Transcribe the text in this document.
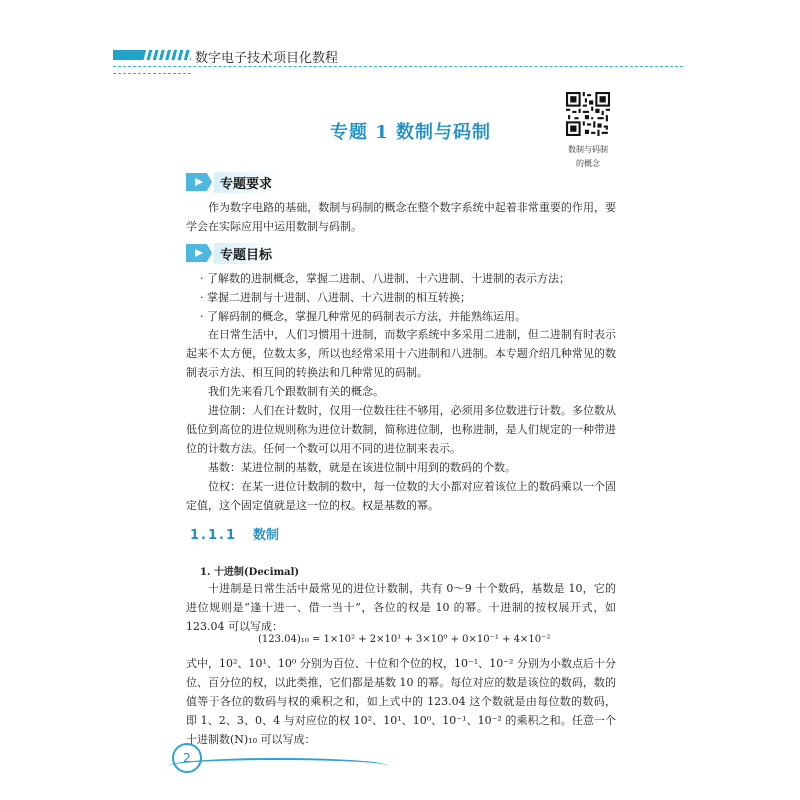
数字电子技术项目化教程
专题 1 数制与码制
数制与码制
的概念
专题要求
作为数字电路的基础，数制与码制的概念在整个数字系统中起着非常重要的作用，要学会在实际应用中运用数制与码制。
专题目标
· 了解数的进制概念，掌握二进制、八进制、十六进制、十进制的表示方法；
· 掌握二进制与十进制、八进制、十六进制的相互转换；
· 了解码制的概念，掌握几种常见的码制表示方法，并能熟练运用。
在日常生活中，人们习惯用十进制，而数字系统中多采用二进制，但二进制有时表示起来不太方便，位数太多，所以也经常采用十六进制和八进制。本专题介绍几种常见的数制表示方法、相互间的转换法和几种常见的码制。
我们先来看几个跟数制有关的概念。
进位制：人们在计数时，仅用一位数往往不够用，必须用多位数进行计数。多位数从低位到高位的进位规则称为进位计数制，简称进位制，也称进制，是人们规定的一种带进位的计数方法。任何一个数可以用不同的进位制来表示。
基数：某进位制的基数，就是在该进位制中用到的数码的个数。
位权：在某一进位计数制的数中，每一位数的大小都对应着该位上的数码乘以一个固定值，这个固定值就是这一位的权。权是基数的幂。
1.1.1 数制
1. 十进制(Decimal)
十进制是日常生活中最常见的进位计数制，共有 0～9 十个数码，基数是 10，它的进位规则是“逢十进一、借一当十”，各位的权是 10 的幂。十进制的按权展开式，如 123.04 可以写成：
(123.04)₁₀ = 1×10² + 2×10¹ + 3×10⁰ + 0×10⁻¹ + 4×10⁻²
式中，10²、10¹、10⁰ 分别为百位、十位和个位的权，10⁻¹、10⁻² 分别为小数点后十分位、百分位的权，以此类推，它们都是基数 10 的幂。每位对应的数是该位的数码，数的值等于各位的数码与权的乘积之和，如上式中的 123.04 这个数就是由每位数的数码，即 1、2、3、0、4 与对应位的权 10²、10¹、10⁰、10⁻¹、10⁻² 的乘积之和。任意一个十进制数(N)₁₀ 可以写成：
2
